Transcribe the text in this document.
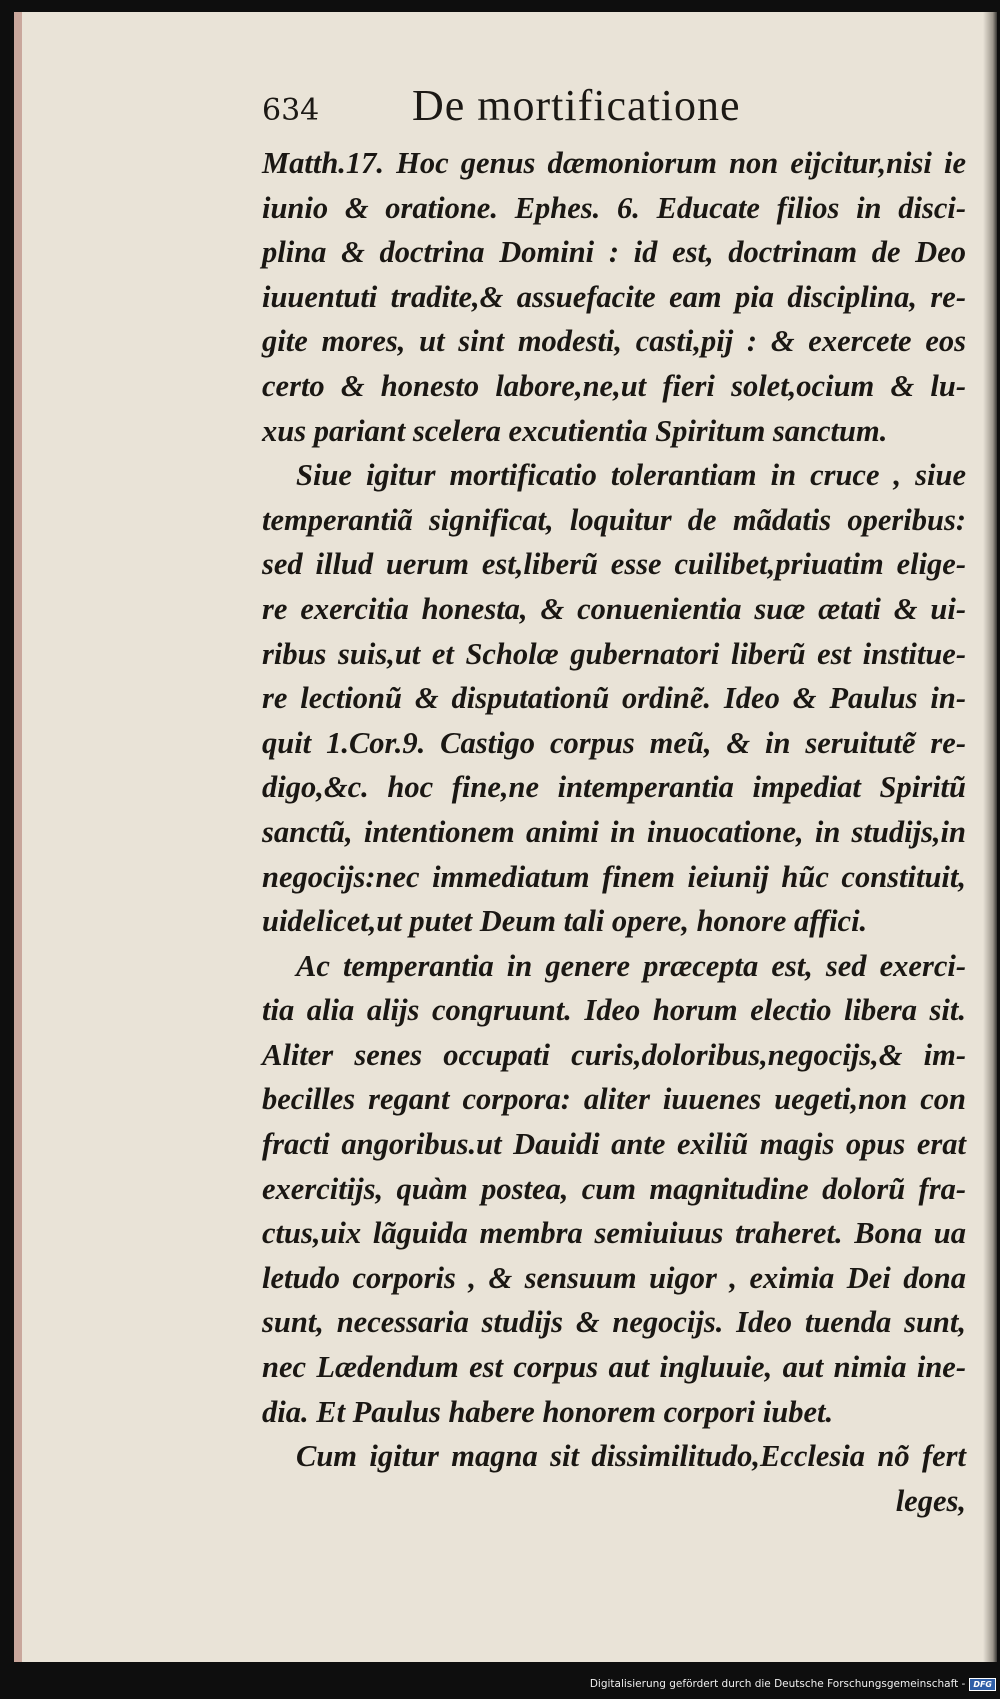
634	De mortificatione
Matth.17. Hoc genus dæmoniorum non eijcitur,nisi ie
iunio & oratione. Ephes. 6. Educate filios in disci-
plina & doctrina Domini : id est, doctrinam de Deo
iuuentuti tradite,& assuefacite eam pia disciplina, re-
gite mores, ut sint modesti, casti,pij : & exercete eos
certo & honesto labore,ne,ut fieri solet,ocium & lu-
xus pariant scelera excutientia Spiritum sanctum.
Siue igitur mortificatio tolerantiam in cruce , siue
temperantiã significat, loquitur de mãdatis operibus:
sed illud uerum est,liberũ esse cuilibet,priuatim elige-
re exercitia honesta, & conuenientia suæ ætati & ui-
ribus suis,ut et Scholæ gubernatori liberũ est instituе-
re lectionũ & disputationũ ordinẽ. Ideo & Paulus in-
quit 1.Cor.9. Castigo corpus meũ, & in seruitutẽ re-
digo,&c. hoc fine,ne intemperantia impediat Spiritũ
sanctũ, intentionem animi in inuocatione, in studijs,in
negocijs:nec immediatum finem ieiunij hũc constituit,
uidelicet,ut putet Deum tali opere, honore affici.
Ac temperantia in genere præcepta est, sed exerci-
tia alia alijs congruunt. Ideo horum electio libera sit.
Aliter senes occupati curis,doloribus,negocijs,& im-
becilles regant corpora: aliter iuuenes uegeti,non con
fracti angoribus.ut Dauidi ante exiliũ magis opus erat
exercitijs, quàm postea, cum magnitudine dolorũ fra-
ctus,uix lãguida membra semiuiuus traheret. Bona ua
letudo corporis , & sensuum uigor , eximia Dei dona
sunt, necessaria studijs & negocijs. Ideo tuenda sunt,
nec Lædendum est corpus aut ingluuie, aut nimia ine-
dia. Et Paulus habere honorem corpori iubet.
Cum igitur magna sit dissimilitudo,Ecclesia nõ fert
leges,
Digitalisierung gefördert durch die Deutsche Forschungsgemeinschaft -	DFG
